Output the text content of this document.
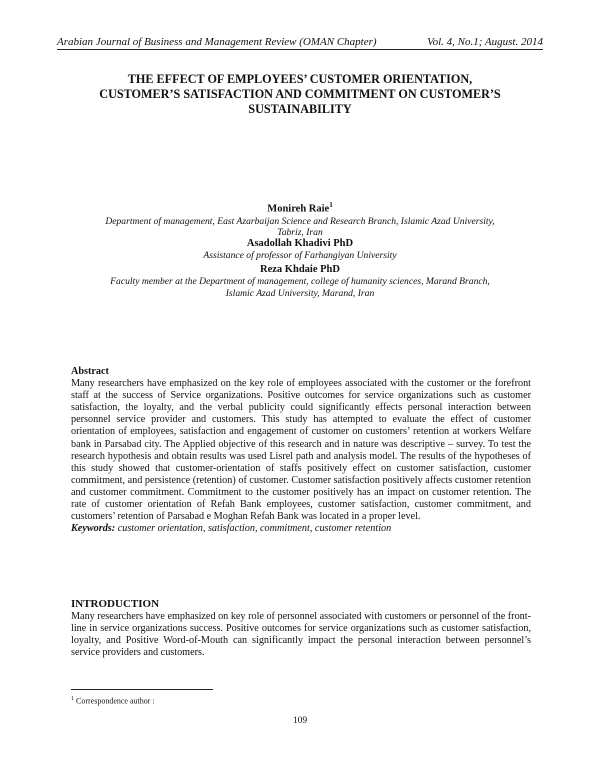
Arabian Journal of Business and Management Review (OMAN Chapter)	Vol. 4, No.1; August. 2014
THE EFFECT OF EMPLOYEES’ CUSTOMER ORIENTATION,
CUSTOMER’S SATISFACTION AND COMMITMENT ON CUSTOMER’S
SUSTAINABILITY
Monireh Raie$^1$
Department of management, East Azarbaijan Science and Research Branch, Islamic Azad University,
Tabriz, Iran
Asadollah Khadivi PhD
Assistance of professor of Farhangiyan University
Reza Khdaie PhD
Faculty member at the Department of management, college of humanity sciences, Marand Branch,
Islamic Azad University, Marand, Iran
Abstract
Many researchers have emphasized on the key role of employees associated with the customer or the forefront staff at the success of Service organizations. Positive outcomes for service organizations such as customer satisfaction, the loyalty, and the verbal publicity could significantly effects personal interaction between personnel service provider and customers. This study has attempted to evaluate the effect of customer orientation of employees, satisfaction and engagement of customer on customers’ retention at workers Welfare bank in Parsabad city. The Applied objective of this research and in nature was descriptive – survey. To test the research hypothesis and obtain results was used Lisrel path and analysis model. The results of the hypotheses of this study showed that customer-orientation of staffs positively effect on customer satisfaction, customer commitment, and persistence (retention) of customer. Customer satisfaction positively affects customer retention and customer commitment. Commitment to the customer positively has an impact on customer retention. The rate of customer orientation of Refah Bank employees, customer satisfaction, customer commitment, and customers’ retention of Parsabad e Moghan Refah Bank was located in a proper level.
Keywords: customer orientation, satisfaction, commitment, customer retention
INTRODUCTION
Many researchers have emphasized on key role of personnel associated with customers or personnel of the front-line in service organizations success. Positive outcomes for service organizations such as customer satisfaction, loyalty, and Positive Word-of-Mouth can significantly impact the personal interaction between personnel’s service providers and customers.
$^1$ Correspondence author :
109
